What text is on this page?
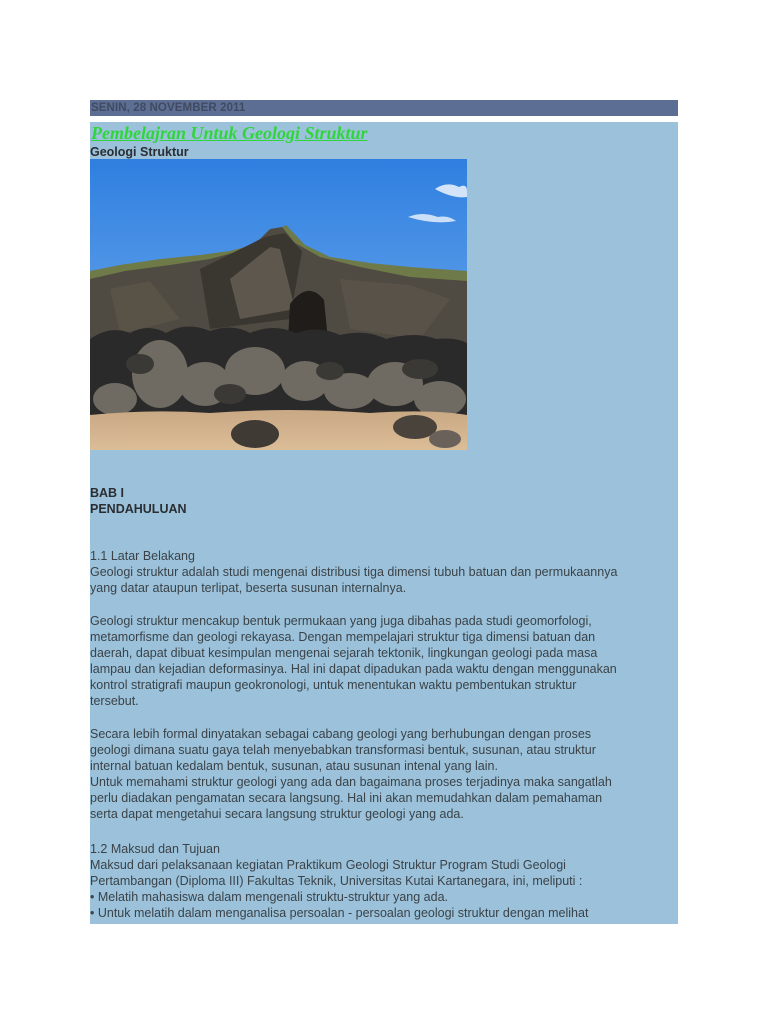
SENIN, 28 NOVEMBER 2011
Pembelajran Untuk Geologi Struktur
Geologi Struktur
BAB I
PENDAHULUAN
1.1 Latar Belakang
Geologi struktur adalah studi mengenai distribusi tiga dimensi tubuh batuan dan permukaannya
yang datar ataupun terlipat, beserta susunan internalnya.
Geologi struktur mencakup bentuk permukaan yang juga dibahas pada studi geomorfologi,
metamorfisme dan geologi rekayasa. Dengan mempelajari struktur tiga dimensi batuan dan
daerah, dapat dibuat kesimpulan mengenai sejarah tektonik, lingkungan geologi pada masa
lampau dan kejadian deformasinya. Hal ini dapat dipadukan pada waktu dengan menggunakan
kontrol stratigrafi maupun geokronologi, untuk menentukan waktu pembentukan struktur
tersebut.
Secara lebih formal dinyatakan sebagai cabang geologi yang berhubungan dengan proses
geologi dimana suatu gaya telah menyebabkan transformasi bentuk, susunan, atau struktur
internal batuan kedalam bentuk, susunan, atau susunan intenal yang lain.
Untuk memahami struktur geologi yang ada dan bagaimana proses terjadinya maka sangatlah
perlu diadakan pengamatan secara langsung. Hal ini akan memudahkan dalam pemahaman
serta dapat mengetahui secara langsung struktur geologi yang ada.
1.2 Maksud dan Tujuan
Maksud dari pelaksanaan kegiatan Praktikum Geologi Struktur Program Studi Geologi
Pertambangan (Diploma III) Fakultas Teknik, Universitas Kutai Kartanegara, ini, meliputi :
• Melatih mahasiswa dalam mengenali struktu-struktur yang ada.
• Untuk melatih dalam menganalisa persoalan - persoalan geologi struktur dengan melihat
